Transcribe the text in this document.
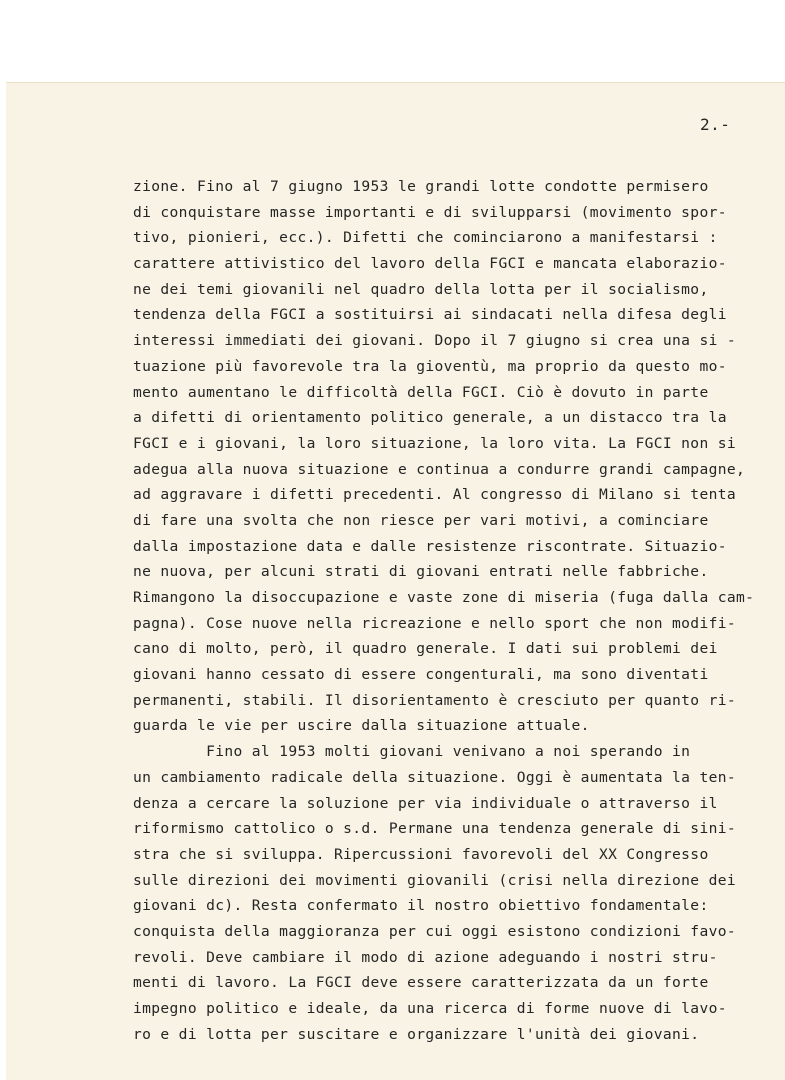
2.-
zione. Fino al 7 giugno 1953 le grandi lotte condotte permisero
di conquistare masse importanti e di svilupparsi (movimento spor-
tivo, pionieri, ecc.). Difetti che cominciarono a manifestarsi :
carattere attivistico del lavoro della FGCI e mancata elaborazio-
ne dei temi giovanili nel quadro della lotta per il socialismo,
tendenza della FGCI a sostituirsi ai sindacati nella difesa degli
interessi immediati dei giovani. Dopo il 7 giugno si crea una si -
tuazione più favorevole tra la gioventù, ma proprio da questo mo-
mento aumentano le difficoltà della FGCI. Ciò è dovuto in parte
a difetti di orientamento politico generale, a un distacco tra la
FGCI e i giovani, la loro situazione, la loro vita. La FGCI non si
adegua alla nuova situazione e continua a condurre grandi campagne,
ad aggravare i difetti precedenti. Al congresso di Milano si tenta
di fare una svolta che non riesce per vari motivi, a cominciare
dalla impostazione data e dalle resistenze riscontrate. Situazio-
ne nuova, per alcuni strati di giovani entrati nelle fabbriche.
Rimangono la disoccupazione e vaste zone di miseria (fuga dalla cam-
pagna). Cose nuove nella ricreazione e nello sport che non modifi-
cano di molto, però, il quadro generale. I dati sui problemi dei
giovani hanno cessato di essere congenturali, ma sono diventati
permanenti, stabili. Il disorientamento è cresciuto per quanto ri-
guarda le vie per uscire dalla situazione attuale.
Fino al 1953 molti giovani venivano a noi sperando in
un cambiamento radicale della situazione. Oggi è aumentata la ten-
denza a cercare la soluzione per via individuale o attraverso il
riformismo cattolico o s.d. Permane una tendenza generale di sini-
stra che si sviluppa. Ripercussioni favorevoli del XX Congresso
sulle direzioni dei movimenti giovanili (crisi nella direzione dei
giovani dc). Resta confermato il nostro obiettivo fondamentale:
conquista della maggioranza per cui oggi esistono condizioni favo-
revoli. Deve cambiare il modo di azione adeguando i nostri stru-
menti di lavoro. La FGCI deve essere caratterizzata da un forte
impegno politico e ideale, da una ricerca di forme nuove di lavo-
ro e di lotta per suscitare e organizzare l'unità dei giovani.
